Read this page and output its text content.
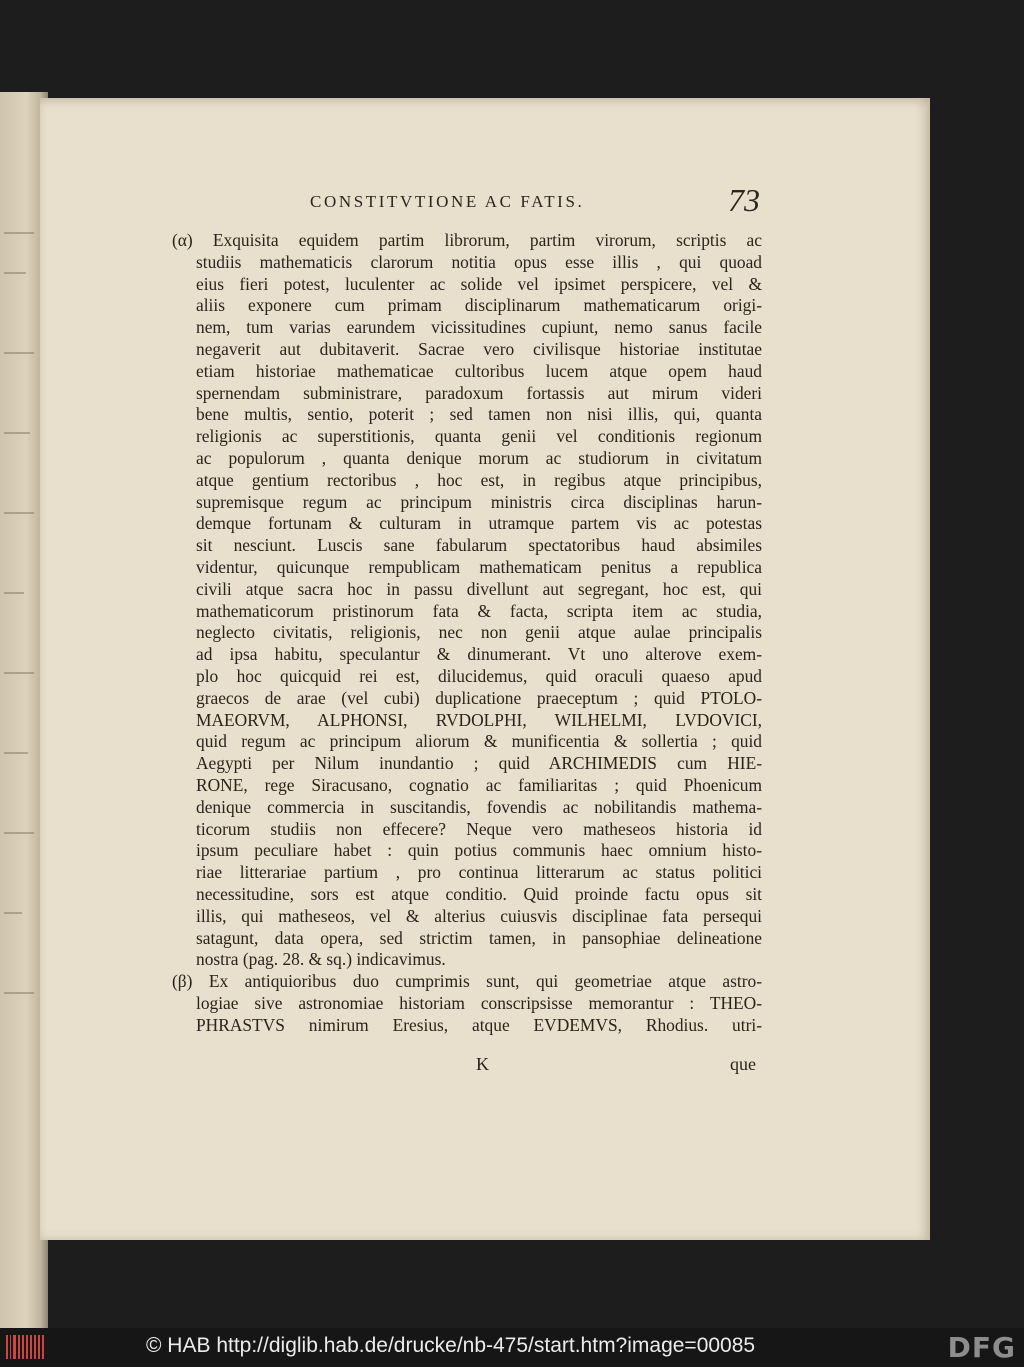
CONSTITVTIONE AC FATIS.	73
(α) Exquisita equidem partim librorum, partim virorum, scriptis ac
studiis mathematicis clarorum notitia opus esse illis , qui quoad
eius fieri potest, luculenter ac solide vel ipsimet perspicere, vel &
aliis exponere cum primam disciplinarum mathematicarum origi-
nem, tum varias earundem vicissitudines cupiunt, nemo sanus facile
negaverit aut dubitaverit. Sacrae vero civilisque historiae institutae
etiam historiae mathematicae cultoribus lucem atque opem haud
spernendam subministrare, paradoxum fortassis aut mirum videri
bene multis, sentio, poterit ; sed tamen non nisi illis, qui, quanta
religionis ac superstitionis, quanta genii vel conditionis regionum
ac populorum , quanta denique morum ac studiorum in civitatum
atque gentium rectoribus , hoc est, in regibus atque principibus,
supremisque regum ac principum ministris circa disciplinas harun-
demque fortunam & culturam in utramque partem vis ac potestas
sit nesciunt. Luscis sane fabularum spectatoribus haud absimiles
videntur, quicunque rempublicam mathematicam penitus a republica
civili atque sacra hoc in passu divellunt aut segregant, hoc est, qui
mathematicorum pristinorum fata & facta, scripta item ac studia,
neglecto civitatis, religionis, nec non genii atque aulae principalis
ad ipsa habitu, speculantur & dinumerant. Vt uno alterove exem-
plo hoc quicquid rei est, dilucidemus, quid oraculi quaeso apud
graecos de arae (vel cubi) duplicatione praeceptum ; quid PTOLO-
MAEORVM, ALPHONSI, RVDOLPHI, WILHELMI, LVDOVICI,
quid regum ac principum aliorum & munificentia & sollertia ; quid
Aegypti per Nilum inundantio ; quid ARCHIMEDIS cum HIE-
RONE, rege Siracusano, cognatio ac familiaritas ; quid Phoenicum
denique commercia in suscitandis, fovendis ac nobilitandis mathema-
ticorum studiis non effecere? Neque vero matheseos historia id
ipsum peculiare habet : quin potius communis haec omnium histo-
riae litterariae partium , pro continua litterarum ac status politici
necessitudine, sors est atque conditio. Quid proinde factu opus sit
illis, qui matheseos, vel & alterius cuiusvis disciplinae fata persequi
satagunt, data opera, sed strictim tamen, in pansophiae delineatione
nostra (pag. 28. & sq.) indicavimus.
(β) Ex antiquioribus duo cumprimis sunt, qui geometriae atque astro-
logiae sive astronomiae historiam conscripsisse memorantur : THEO-
PHRASTVS nimirum Eresius, atque EVDEMVS, Rhodius. utri-
K	que
© HAB http://diglib.hab.de/drucke/nb-475/start.htm?image=00085	DFG
